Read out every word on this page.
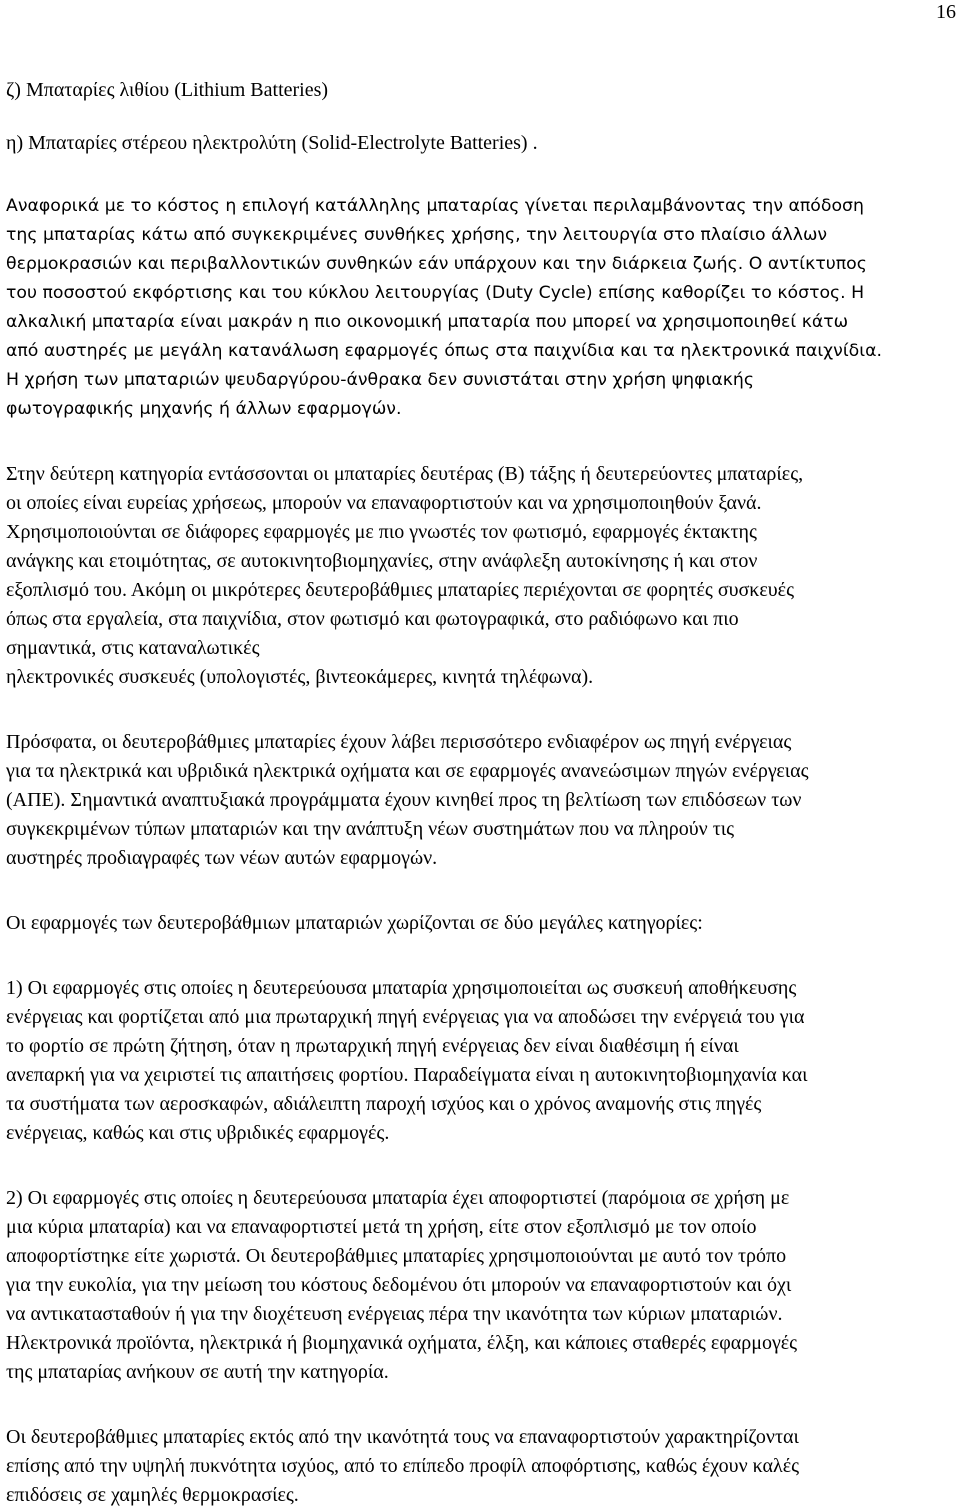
16

ζ) Μπαταρίες λιθίου (Lithium Batteries)

η) Μπαταρίες στέρεου ηλεκτρολύτη (Solid-Electrolyte Batteries) .

Αναφορικά με το κόστος η επιλογή κατάλληλης μπαταρίας γίνεται περιλαμβάνοντας την απόδοση
της μπαταρίας κάτω από συγκεκριμένες συνθήκες χρήσης, την λειτουργία στο πλαίσιο άλλων
θερμοκρασιών και περιβαλλοντικών συνθηκών εάν υπάρχουν και την διάρκεια ζωής. Ο αντίκτυπος
του ποσοστού εκφόρτισης και του κύκλου λειτουργίας (Duty Cycle) επίσης καθορίζει το κόστος. Η
αλκαλική μπαταρία είναι μακράν η πιο οικονομική μπαταρία που μπορεί να χρησιμοποιηθεί κάτω
από αυστηρές με μεγάλη κατανάλωση εφαρμογές όπως στα παιχνίδια και τα ηλεκτρονικά παιχνίδια.
Η χρήση των μπαταριών ψευδαργύρου-άνθρακα δεν συνιστάται στην χρήση ψηφιακής
φωτογραφικής μηχανής ή άλλων εφαρμογών.

Στην δεύτερη κατηγορία εντάσσονται οι μπαταρίες δευτέρας (Β) τάξης ή δευτερεύοντες μπαταρίες,
οι οποίες είναι ευρείας χρήσεως, μπορούν να επαναφορτιστούν και να χρησιμοποιηθούν ξανά.
Χρησιμοποιούνται σε διάφορες εφαρμογές με πιο γνωστές τον φωτισμό, εφαρμογές έκτακτης
ανάγκης και ετοιμότητας, σε αυτοκινητοβιομηχανίες, στην ανάφλεξη αυτοκίνησης ή και στον
εξοπλισμό του. Ακόμη οι μικρότερες δευτεροβάθμιες μπαταρίες περιέχονται σε φορητές συσκευές
όπως στα εργαλεία, στα παιχνίδια, στον φωτισμό και φωτογραφικά, στο ραδιόφωνο και πιο
σημαντικά, στις καταναλωτικές
ηλεκτρονικές συσκευές (υπολογιστές, βιντεοκάμερες, κινητά τηλέφωνα).

Πρόσφατα, οι δευτεροβάθμιες μπαταρίες έχουν λάβει περισσότερο ενδιαφέρον ως πηγή ενέργειας
για τα ηλεκτρικά και υβριδικά ηλεκτρικά οχήματα και σε εφαρμογές ανανεώσιμων πηγών ενέργειας
(ΑΠΕ). Σημαντικά αναπτυξιακά προγράμματα έχουν κινηθεί προς τη βελτίωση των επιδόσεων των
συγκεκριμένων τύπων μπαταριών και την ανάπτυξη νέων συστημάτων που να πληρούν τις
αυστηρές προδιαγραφές των νέων αυτών εφαρμογών.

Οι εφαρμογές των δευτεροβάθμιων μπαταριών χωρίζονται σε δύο μεγάλες κατηγορίες:

1) Οι εφαρμογές στις οποίες η δευτερεύουσα μπαταρία χρησιμοποιείται ως συσκευή αποθήκευσης
ενέργειας και φορτίζεται από μια πρωταρχική πηγή ενέργειας για να αποδώσει την ενέργειά του για
το φορτίο σε πρώτη ζήτηση, όταν η πρωταρχική πηγή ενέργειας δεν είναι διαθέσιμη ή είναι
ανεπαρκή για να χειριστεί τις απαιτήσεις φορτίου. Παραδείγματα είναι η αυτοκινητοβιομηχανία και
τα συστήματα των αεροσκαφών, αδιάλειπτη παροχή ισχύος και ο χρόνος αναμονής στις πηγές
ενέργειας, καθώς και στις υβριδικές εφαρμογές.

2) Οι εφαρμογές στις οποίες η δευτερεύουσα μπαταρία έχει αποφορτιστεί (παρόμοια σε χρήση με
μια κύρια μπαταρία) και να επαναφορτιστεί μετά τη χρήση, είτε στον εξοπλισμό με τον οποίο
αποφορτίστηκε είτε χωριστά. Οι δευτεροβάθμιες μπαταρίες χρησιμοποιούνται με αυτό τον τρόπο
για την ευκολία, για την μείωση του κόστους δεδομένου ότι μπορούν να επαναφορτιστούν και όχι
να αντικατασταθούν ή για την διοχέτευση ενέργειας πέρα την ικανότητα των κύριων μπαταριών.
Ηλεκτρονικά προϊόντα, ηλεκτρικά ή βιομηχανικά οχήματα, έλξη, και κάποιες σταθερές εφαρμογές
της μπαταρίας ανήκουν σε αυτή την κατηγορία.

Οι δευτεροβάθμιες μπαταρίες εκτός από την ικανότητά τους να επαναφορτιστούν χαρακτηρίζονται
επίσης από την υψηλή πυκνότητα ισχύος, από το επίπεδο προφίλ αποφόρτισης, καθώς έχουν καλές
επιδόσεις σε χαμηλές θερμοκρασίες.
